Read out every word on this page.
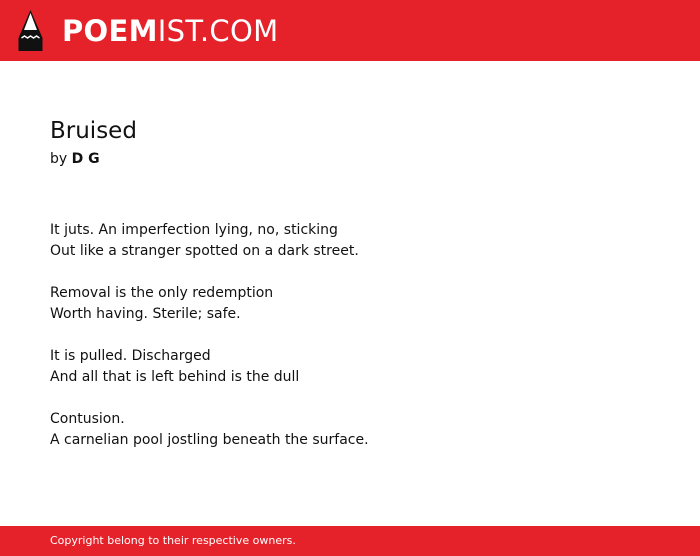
POEMIST.COM
Bruised
by D G
It juts. An imperfection lying, no, sticking
Out like a stranger spotted on a dark street.
Removal is the only redemption
Worth having. Sterile; safe.
It is pulled. Discharged
And all that is left behind is the dull
Contusion.
A carnelian pool jostling beneath the surface.
Copyright belong to their respective owners.
